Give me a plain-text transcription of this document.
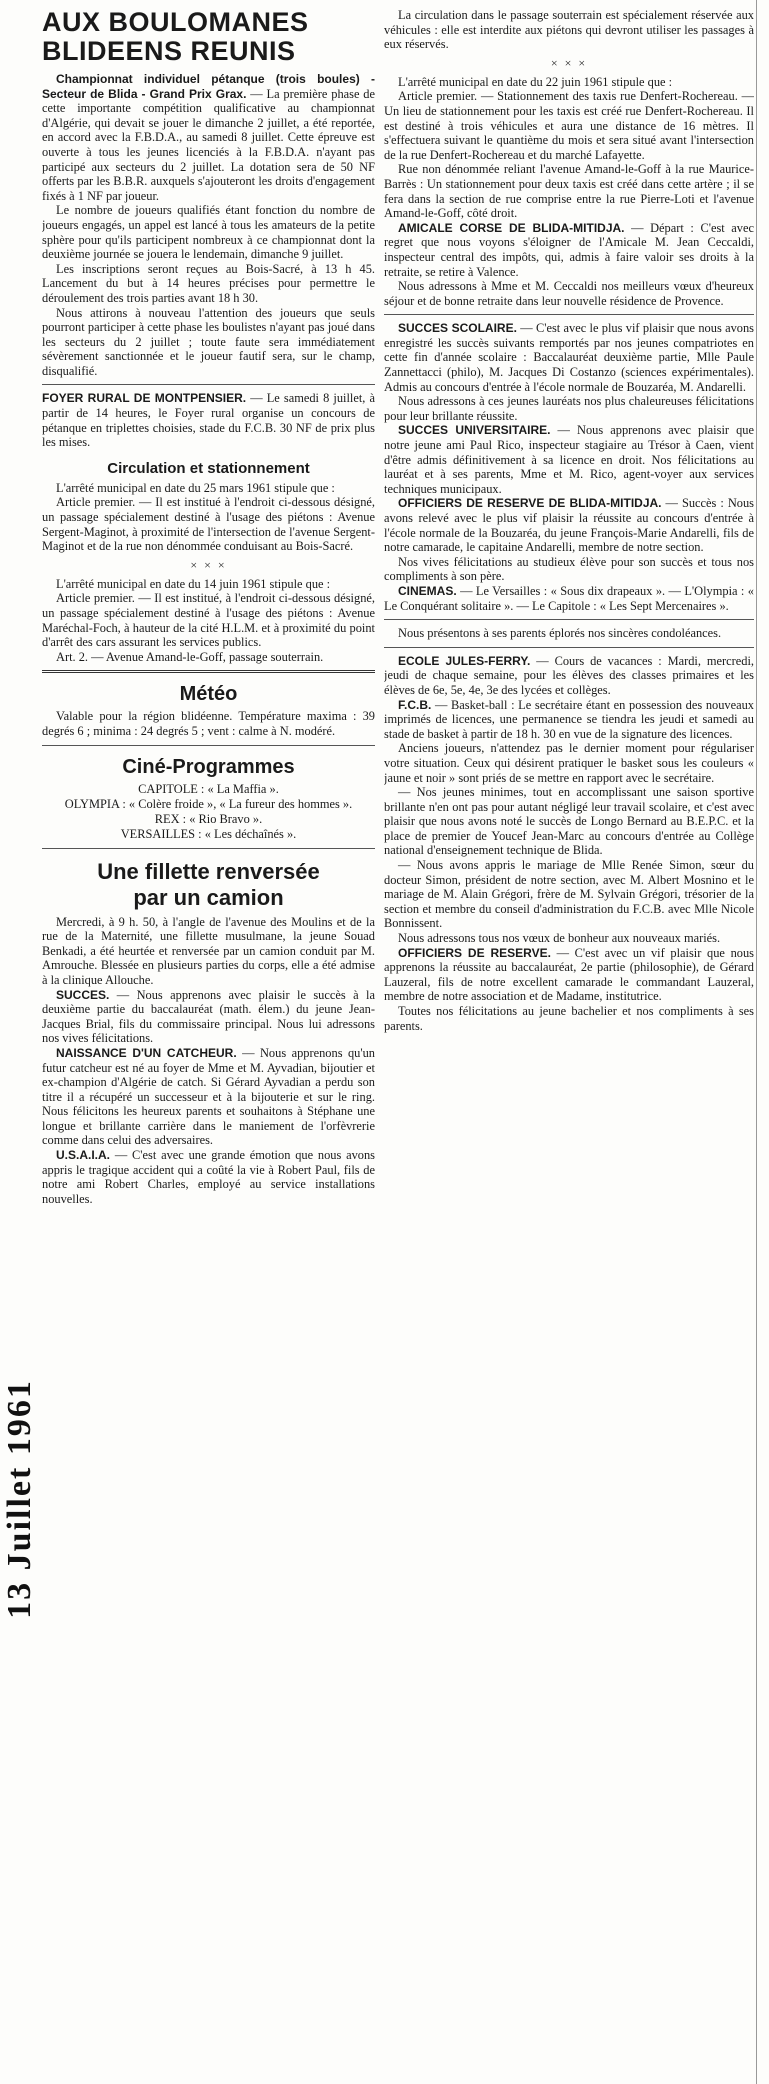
13 Juillet 1961
AUX BOULOMANES
BLIDEENS REUNIS

Championnat individuel pétanque (trois boules) - Secteur de Blida - Grand Prix Grax. — La première phase de cette importante compétition qualificative au championnat d'Algérie, qui devait se jouer le dimanche 2 juillet, a été reportée, en accord avec la F.B.D.A., au samedi 8 juillet. Cette épreuve est ouverte à tous les jeunes licenciés à la F.B.D.A. n'ayant pas participé aux secteurs du 2 juillet. La dotation sera de 50 NF offerts par les B.B.R. auxquels s'ajouteront les droits d'engagement fixés à 1 NF par joueur.

Le nombre de joueurs qualifiés étant fonction du nombre de joueurs engagés, un appel est lancé à tous les amateurs de la petite sphère pour qu'ils participent nombreux à ce championnat dont la deuxième journée se jouera le lendemain, dimanche 9 juillet.

Les inscriptions seront reçues au Bois-Sacré, à 13 h 45. Lancement du but à 14 heures précises pour permettre le déroulement des trois parties avant 18 h 30.

Nous attirons à nouveau l'attention des joueurs que seuls pourront participer à cette phase les boulistes n'ayant pas joué dans les secteurs du 2 juillet ; toute faute sera immédiatement sévèrement sanctionnée et le joueur fautif sera, sur le champ, disqualifié.

FOYER RURAL DE MONTPENSIER. — Le samedi 8 juillet, à partir de 14 heures, le Foyer rural organise un concours de pétanque en triplettes choisies, stade du F.C.B. 30 NF de prix plus les mises.

Circulation et stationnement

L'arrêté municipal en date du 25 mars 1961 stipule que :

Article premier. — Il est institué à l'endroit ci-dessous désigné, un passage spécialement destiné à l'usage des piétons : Avenue Sergent-Maginot, à proximité de l'intersection de l'avenue Sergent-Maginot et de la rue non dénommée conduisant au Bois-Sacré.

× × ×

L'arrêté municipal en date du 14 juin 1961 stipule que :

Article premier. — Il est institué, à l'endroit ci-dessous désigné, un passage spécialement destiné à l'usage des piétons : Avenue Maréchal-Foch, à hauteur de la cité H.L.M. et à proximité du point d'arrêt des cars assurant les services publics.

Art. 2. — Avenue Amand-le-Goff, passage souterrain.

Météo

Valable pour la région blidéenne. Température maxima : 39 degrés 6 ; minima : 24 degrés 5 ; vent : calme à N. modéré.

Ciné-Programmes
CAPITOLE : « La Maffia ».
OLYMPIA : « Colère froide », « La fureur des hommes ».
REX : « Rio Bravo ».
VERSAILLES : « Les déchaînés ».
Une fillette renversée
par un camion

Mercredi, à 9 h. 50, à l'angle de l'avenue des Moulins et de la rue de la Maternité, une fillette musulmane, la jeune Souad Benkadi, a été heurtée et renversée par un camion conduit par M. Amrouche. Blessée en plusieurs parties du corps, elle a été admise à la clinique Allouche.

SUCCES. — Nous apprenons avec plaisir le succès à la deuxième partie du baccalauréat (math. élem.) du jeune Jean-Jacques Brial, fils du commissaire principal. Nous lui adressons nos vives félicitations.

NAISSANCE D'UN CATCHEUR. — Nous apprenons qu'un futur catcheur est né au foyer de Mme et M. Ayvadian, bijoutier et ex-champion d'Algérie de catch. Si Gérard Ayvadian a perdu son titre il a récupéré un successeur et à la bijouterie et sur le ring. Nous félicitons les heureux parents et souhaitons à Stéphane une longue et brillante carrière dans le maniement de l'orfèvrerie comme dans celui des adversaires.

U.S.A.I.A. — C'est avec une grande émotion que nous avons appris le tragique accident qui a coûté la vie à Robert Paul, fils de notre ami Robert Charles, employé au service installations nouvelles.

La circulation dans le passage souterrain est spécialement réservée aux véhicules : elle est interdite aux piétons qui devront utiliser les passages à eux réservés.

× × ×

L'arrêté municipal en date du 22 juin 1961 stipule que :

Article premier. — Stationnement des taxis rue Denfert-Rochereau. — Un lieu de stationnement pour les taxis est créé rue Denfert-Rochereau. Il est destiné à trois véhicules et aura une distance de 16 mètres. Il s'effectuera suivant le quantième du mois et sera situé avant l'intersection de la rue Denfert-Rochereau et du marché Lafayette.

Rue non dénommée reliant l'avenue Amand-le-Goff à la rue Maurice-Barrès : Un stationnement pour deux taxis est créé dans cette artère ; il se fera dans la section de rue comprise entre la rue Pierre-Loti et l'avenue Amand-le-Goff, côté droit.

AMICALE CORSE DE BLIDA-MITIDJA. — Départ : C'est avec regret que nous voyons s'éloigner de l'Amicale M. Jean Ceccaldi, inspecteur central des impôts, qui, admis à faire valoir ses droits à la retraite, se retire à Valence.

Nous adressons à Mme et M. Ceccaldi nos meilleurs vœux d'heureux séjour et de bonne retraite dans leur nouvelle résidence de Provence.

SUCCES SCOLAIRE. — C'est avec le plus vif plaisir que nous avons enregistré les succès suivants remportés par nos jeunes compatriotes en cette fin d'année scolaire : Baccalauréat deuxième partie, Mlle Paule Zannettacci (philo), M. Jacques Di Costanzo (sciences expérimentales). Admis au concours d'entrée à l'école normale de Bouzaréa, M. Andarelli.

Nous adressons à ces jeunes lauréats nos plus chaleureuses félicitations pour leur brillante réussite.

SUCCES UNIVERSITAIRE. — Nous apprenons avec plaisir que notre jeune ami Paul Rico, inspecteur stagiaire au Trésor à Caen, vient d'être admis définitivement à sa licence en droit. Nos félicitations au lauréat et à ses parents, Mme et M. Rico, agent-voyer aux services techniques municipaux.

OFFICIERS DE RESERVE DE BLIDA-MITIDJA. — Succès : Nous avons relevé avec le plus vif plaisir la réussite au concours d'entrée à l'école normale de la Bouzaréa, du jeune François-Marie Andarelli, fils de notre camarade, le capitaine Andarelli, membre de notre section.

Nos vives félicitations au studieux élève pour son succès et tous nos compliments à son père.

CINEMAS. — Le Versailles : « Sous dix drapeaux ». — L'Olympia : « Le Conquérant solitaire ». — Le Capitole : « Les Sept Mercenaires ».

Nous présentons à ses parents éplorés nos sincères condoléances.

ECOLE JULES-FERRY. — Cours de vacances : Mardi, mercredi, jeudi de chaque semaine, pour les élèves des classes primaires et les élèves de 6e, 5e, 4e, 3e des lycées et collèges.

F.C.B. — Basket-ball : Le secrétaire étant en possession des nouveaux imprimés de licences, une permanence se tiendra les jeudi et samedi au stade de basket à partir de 18 h. 30 en vue de la signature des licences.

Anciens joueurs, n'attendez pas le dernier moment pour régulariser votre situation. Ceux qui désirent pratiquer le basket sous les couleurs « jaune et noir » sont priés de se mettre en rapport avec le secrétaire.

— Nos jeunes minimes, tout en accomplissant une saison sportive brillante n'en ont pas pour autant négligé leur travail scolaire, et c'est avec plaisir que nous avons noté le succès de Longo Bernard au B.E.P.C. et la place de premier de Youcef Jean-Marc au concours d'entrée au Collège national d'enseignement technique de Blida.

— Nous avons appris le mariage de Mlle Renée Simon, sœur du docteur Simon, président de notre section, avec M. Albert Mosnino et le mariage de M. Alain Grégori, frère de M. Sylvain Grégori, trésorier de la section et membre du conseil d'administration du F.C.B. avec Mlle Nicole Bonnissent.

Nous adressons tous nos vœux de bonheur aux nouveaux mariés.

OFFICIERS DE RESERVE. — C'est avec un vif plaisir que nous apprenons la réussite au baccalauréat, 2e partie (philosophie), de Gérard Lauzeral, fils de notre excellent camarade le commandant Lauzeral, membre de notre association et de Madame, institutrice.

Toutes nos félicitations au jeune bachelier et nos compliments à ses parents.
